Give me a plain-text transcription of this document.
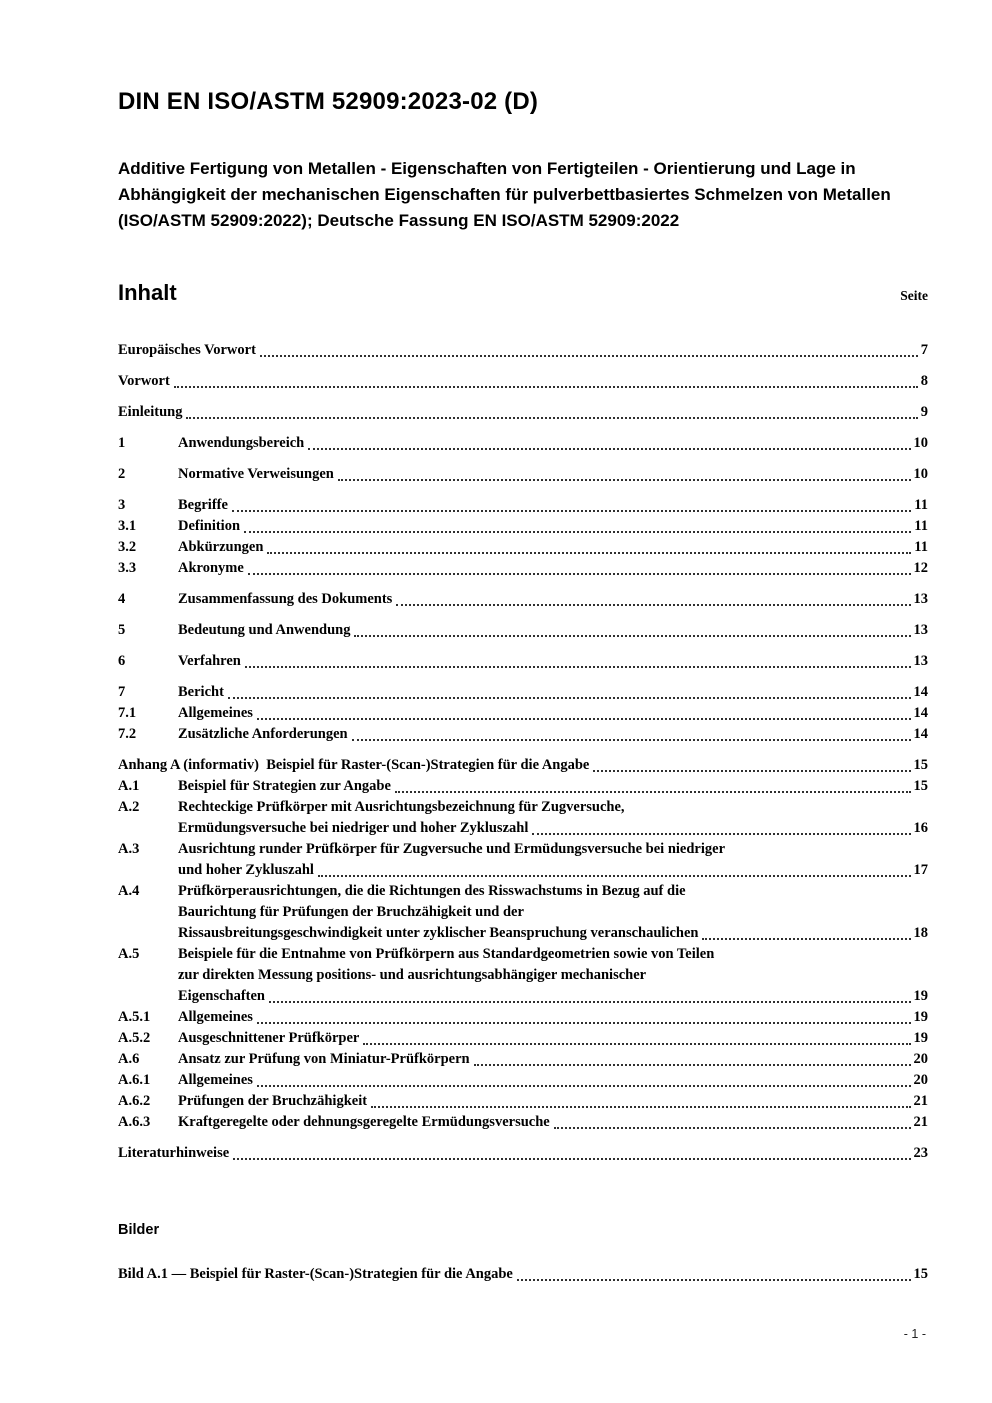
DIN EN ISO/ASTM 52909:2023-02 (D)

Additive Fertigung von Metallen - Eigenschaften von Fertigteilen - Orientierung und Lage in Abhängigkeit der mechanischen Eigenschaften für pulverbettbasiertes Schmelzen von Metallen (ISO/ASTM 52909:2022); Deutsche Fassung EN ISO/ASTM 52909:2022

Inhalt	Seite
Europäisches Vorwort	7
Vorwort	8
Einleitung	9
1	Anwendungsbereich	10
2	Normative Verweisungen	10
3	Begriffe	11
3.1	Definition	11
3.2	Abkürzungen	11
3.3	Akronyme	12
4	Zusammenfassung des Dokuments	13
5	Bedeutung und Anwendung	13
6	Verfahren	13
7	Bericht	14
7.1	Allgemeines	14
7.2	Zusätzliche Anforderungen	14
Anhang A (informativ)  Beispiel für Raster-(Scan-)Strategien für die Angabe	15
A.1	Beispiel für Strategien zur Angabe	15
A.2	Rechteckige Prüfkörper mit Ausrichtungsbezeichnung für Zugversuche,
Ermüdungsversuche bei niedriger und hoher Zykluszahl	16
A.3	Ausrichtung runder Prüfkörper für Zugversuche und Ermüdungsversuche bei niedriger
und hoher Zykluszahl	17
A.4	Prüfkörperausrichtungen, die die Richtungen des Risswachstums in Bezug auf die
Baurichtung für Prüfungen der Bruchzähigkeit und der
Rissausbreitungsgeschwindigkeit unter zyklischer Beanspruchung veranschaulichen	18
A.5	Beispiele für die Entnahme von Prüfkörpern aus Standardgeometrien sowie von Teilen
zur direkten Messung positions- und ausrichtungsabhängiger mechanischer
Eigenschaften	19
A.5.1	Allgemeines	19
A.5.2	Ausgeschnittener Prüfkörper	19
A.6	Ansatz zur Prüfung von Miniatur-Prüfkörpern	20
A.6.1	Allgemeines	20
A.6.2	Prüfungen der Bruchzähigkeit	21
A.6.3	Kraftgeregelte oder dehnungsgeregelte Ermüdungsversuche	21
Literaturhinweise	23
Bilder
Bild A.1 — Beispiel für Raster-(Scan-)Strategien für die Angabe	15
- 1 -
